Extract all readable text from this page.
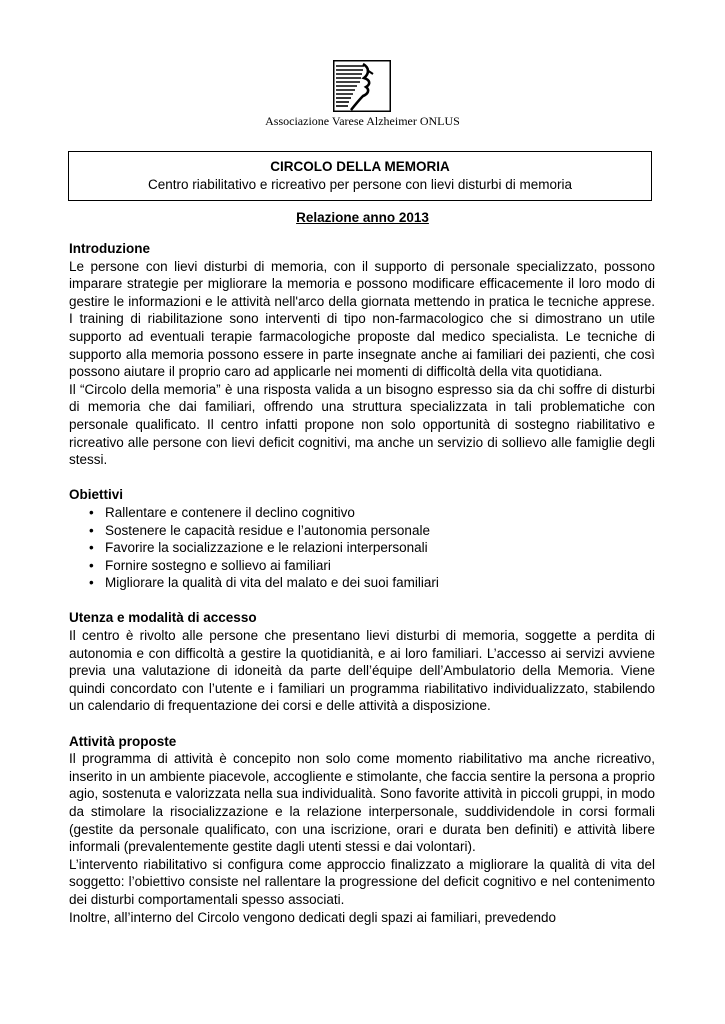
Associazione Varese Alzheimer ONLUS
CIRCOLO DELLA MEMORIA
Centro riabilitativo e ricreativo per persone con lievi disturbi di memoria
Relazione anno 2013
Introduzione

Le persone con lievi disturbi di memoria, con il supporto di personale specializzato, possono imparare strategie per migliorare la memoria e possono modificare efficacemente il loro modo di gestire le informazioni e le attività nell'arco della giornata mettendo in pratica le tecniche apprese. I training di riabilitazione sono interventi di tipo non-farmacologico che si dimostrano un utile supporto ad eventuali terapie farmacologiche proposte dal medico specialista. Le tecniche di supporto alla memoria possono essere in parte insegnate anche ai familiari dei pazienti, che così possono aiutare il proprio caro ad applicarle nei momenti di difficoltà della vita quotidiana.

Il “Circolo della memoria” è una risposta valida a un bisogno espresso sia da chi soffre di disturbi di memoria che dai familiari, offrendo una struttura specializzata in tali problematiche con personale qualificato. Il centro infatti propone non solo opportunità di sostegno riabilitativo e ricreativo alle persone con lievi deficit cognitivi, ma anche un servizio di sollievo alle famiglie degli stessi.

Obiettivi
• Rallentare e contenere il declino cognitivo
• Sostenere le capacità residue e l’autonomia personale
• Favorire la socializzazione e le relazioni interpersonali
• Fornire sostegno e sollievo ai familiari
• Migliorare la qualità di vita del malato e dei suoi familiari
Utenza e modalità di accesso

Il centro è rivolto alle persone che presentano lievi disturbi di memoria, soggette a perdita di autonomia e con difficoltà a gestire la quotidianità, e ai loro familiari. L’accesso ai servizi avviene previa una valutazione di idoneità da parte dell’équipe dell’Ambulatorio della Memoria. Viene quindi concordato con l’utente e i familiari un programma riabilitativo individualizzato, stabilendo un calendario di frequentazione dei corsi e delle attività a disposizione.

Attività proposte

Il programma di attività è concepito non solo come momento riabilitativo ma anche ricreativo, inserito in un ambiente piacevole, accogliente e stimolante, che faccia sentire la persona a proprio agio, sostenuta e valorizzata nella sua individualità. Sono favorite attività in piccoli gruppi, in modo da stimolare la risocializzazione e la relazione interpersonale, suddividendole in corsi formali (gestite da personale qualificato, con una iscrizione, orari e durata ben definiti) e attività libere informali (prevalentemente gestite dagli utenti stessi e dai volontari).

L’intervento riabilitativo si configura come approccio finalizzato a migliorare la qualità di vita del soggetto: l’obiettivo consiste nel rallentare la progressione del deficit cognitivo e nel contenimento dei disturbi comportamentali spesso associati.

Inoltre, all’interno del Circolo vengono dedicati degli spazi ai familiari, prevedendo
